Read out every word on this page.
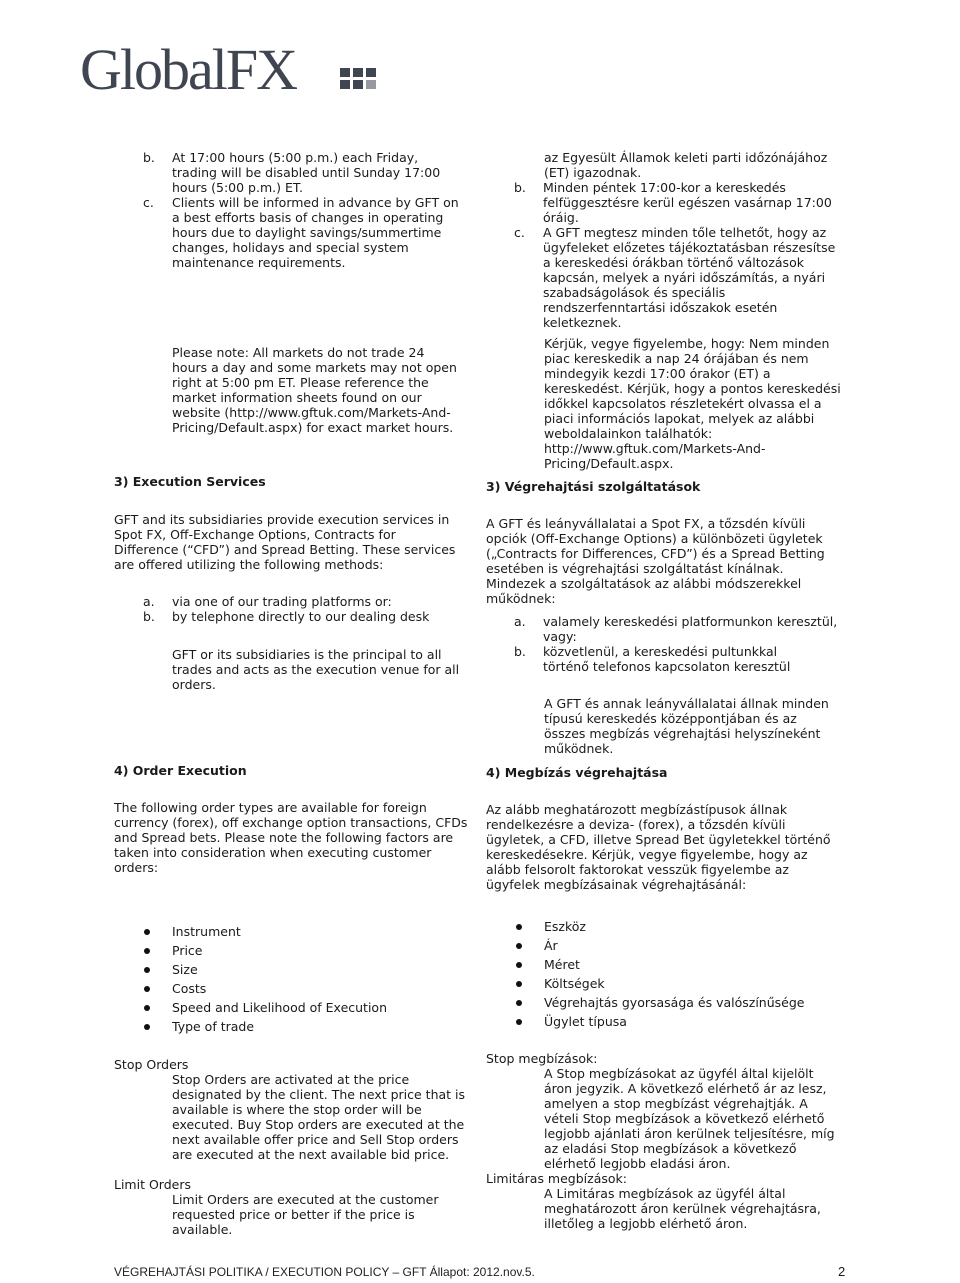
GlobalFX
b. At 17:00 hours (5:00 p.m.) each Friday, trading will be disabled until Sunday 17:00 hours (5:00 p.m.) ET.
c. Clients will be informed in advance by GFT on a best efforts basis of changes in operating hours due to daylight savings/summertime changes, holidays and special system maintenance requirements.
Please note: All markets do not trade 24 hours a day and some markets may not open right at 5:00 pm ET. Please reference the market information sheets found on our website (http://www.gftuk.com/Markets-And-Pricing/Default.aspx) for exact market hours.
3) Execution Services
GFT and its subsidiaries provide execution services in Spot FX, Off-Exchange Options, Contracts for Difference (“CFD”) and Spread Betting. These services are offered utilizing the following methods:
a. via one of our trading platforms or:
b. by telephone directly to our dealing desk
GFT or its subsidiaries is the principal to all trades and acts as the execution venue for all orders.
4) Order Execution
The following order types are available for foreign currency (forex), off exchange option transactions, CFDs and Spread bets. Please note the following factors are taken into consideration when executing customer orders:
Instrument
Price
Size
Costs
Speed and Likelihood of Execution
Type of trade
Stop Orders
Stop Orders are activated at the price designated by the client. The next price that is available is where the stop order will be executed. Buy Stop orders are executed at the next available offer price and Sell Stop orders are executed at the next available bid price.
Limit Orders
Limit Orders are executed at the customer requested price or better if the price is available.
az Egyesült Államok keleti parti időzónájához (ET) igazodnak.
b. Minden péntek 17:00-kor a kereskedés felfüggesztésre kerül egészen vasárnap 17:00 óráig.
c. A GFT megtesz minden tőle telhetőt, hogy az ügyfeleket előzetes tájékoztatásban részesítse a kereskedési órákban történő változások kapcsán, melyek a nyári időszámítás, a nyári szabadságolások és speciális rendszerfenntartási időszakok esetén keletkeznek.
Kérjük, vegye figyelembe, hogy: Nem minden piac kereskedik a nap 24 órájában és nem mindegyik kezdi 17:00 órakor (ET) a kereskedést. Kérjük, hogy a pontos kereskedési időkkel kapcsolatos részletekért olvassa el a piaci információs lapokat, melyek az alábbi weboldalainkon találhatók: http://www.gftuk.com/Markets-And-Pricing/Default.aspx.
3) Végrehajtási szolgáltatások
A GFT és leányvállalatai a Spot FX, a tőzsdén kívüli opciók (Off-Exchange Options) a különbözeti ügyletek („Contracts for Differences, CFD”) és a Spread Betting esetében is végrehajtási szolgáltatást kínálnak. Mindezek a szolgáltatások az alábbi módszerekkel működnek:
a. valamely kereskedési platformunkon keresztül, vagy:
b. közvetlenül, a kereskedési pultunkkal történő telefonos kapcsolaton keresztül
A GFT és annak leányvállalatai állnak minden típusú kereskedés középpontjában és az összes megbízás végrehajtási helyszíneként működnek.
4) Megbízás végrehajtása
Az alább meghatározott megbízástípusok állnak rendelkezésre a deviza- (forex), a tőzsdén kívüli ügyletek, a CFD, illetve Spread Bet ügyletekkel történő kereskedésekre. Kérjük, vegye figyelembe, hogy az alább felsorolt faktorokat vesszük figyelembe az ügyfelek megbízásainak végrehajtásánál:
Eszköz
Ár
Méret
Költségek
Végrehajtás gyorsasága és valószínűsége
Ügylet típusa
Stop megbízások:
A Stop megbízásokat az ügyfél által kijelölt áron jegyzik. A következő elérhető ár az lesz, amelyen a stop megbízást végrehajtják. A vételi Stop megbízások a következő elérhető legjobb ajánlati áron kerülnek teljesítésre, míg az eladási Stop megbízások a következő elérhető legjobb eladási áron.
Limitáras megbízások:
A Limitáras megbízások az ügyfél által meghatározott áron kerülnek végrehajtásra, illetőleg a legjobb elérhető áron.
VÉGREHAJTÁSI POLITIKA / EXECUTION POLICY – GFT Állapot: 2012.nov.5.	2
